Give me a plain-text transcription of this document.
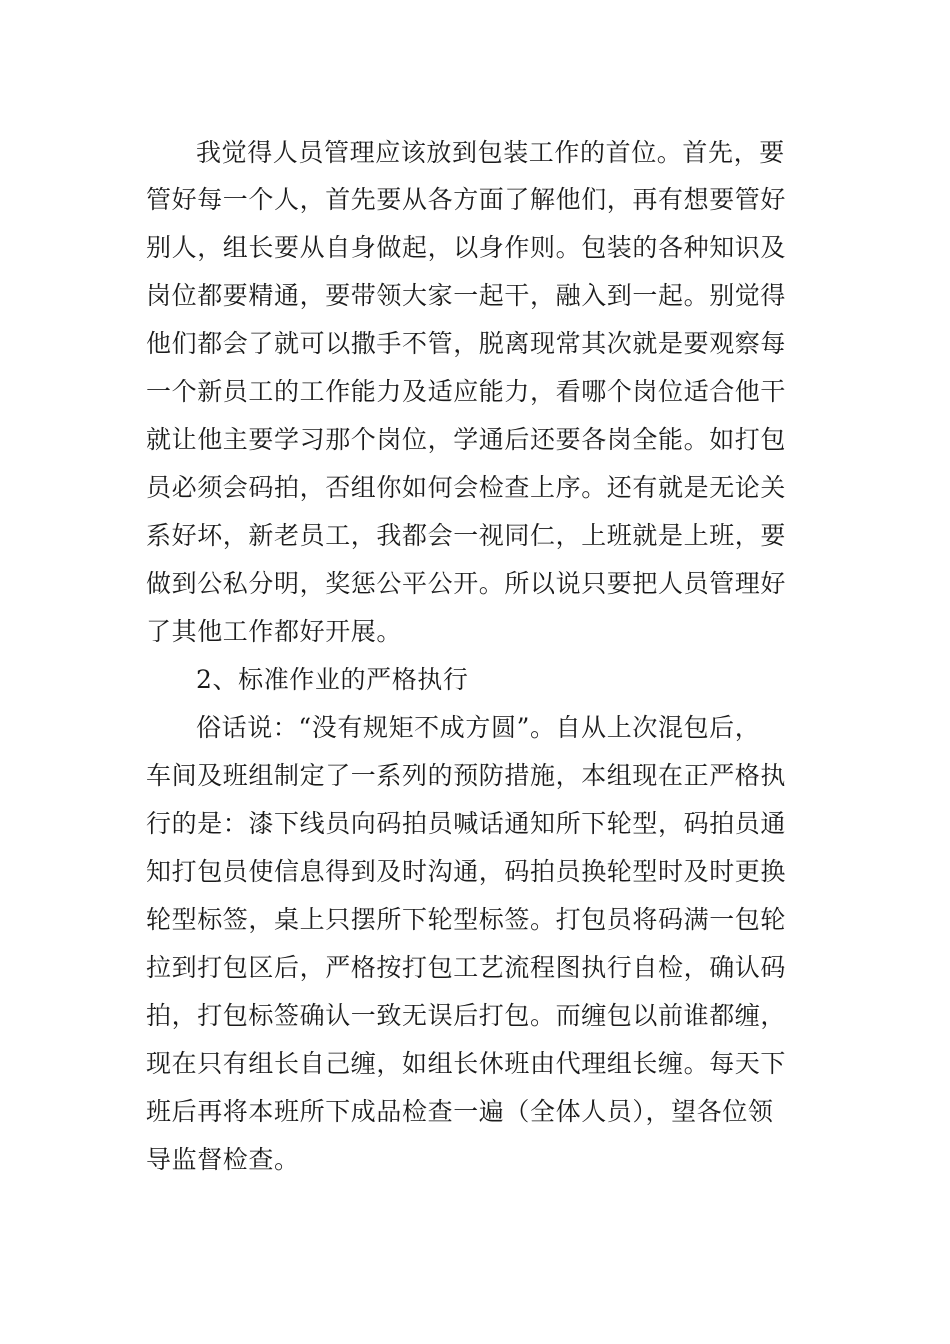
我觉得人员管理应该放到包装工作的首位。首先，要
管好每一个人，首先要从各方面了解他们，再有想要管好
别人，组长要从自身做起，以身作则。包装的各种知识及
岗位都要精通，要带领大家一起干，融入到一起。别觉得
他们都会了就可以撒手不管，脱离现常其次就是要观察每
一个新员工的工作能力及适应能力，看哪个岗位适合他干
就让他主要学习那个岗位，学通后还要各岗全能。如打包
员必须会码拍，否组你如何会检查上序。还有就是无论关
系好坏，新老员工，我都会一视同仁，上班就是上班，要
做到公私分明，奖惩公平公开。所以说只要把人员管理好
了其他工作都好开展。
2、标准作业的严格执行
俗话说：“没有规矩不成方圆”。自从上次混包后，
车间及班组制定了一系列的预防措施，本组现在正严格执
行的是：漆下线员向码拍员喊话通知所下轮型，码拍员通
知打包员使信息得到及时沟通，码拍员换轮型时及时更换
轮型标签，桌上只摆所下轮型标签。打包员将码满一包轮
拉到打包区后，严格按打包工艺流程图执行自检，确认码
拍，打包标签确认一致无误后打包。而缠包以前谁都缠，
现在只有组长自己缠，如组长休班由代理组长缠。每天下
班后再将本班所下成品检查一遍（全体人员），望各位领
导监督检查。
